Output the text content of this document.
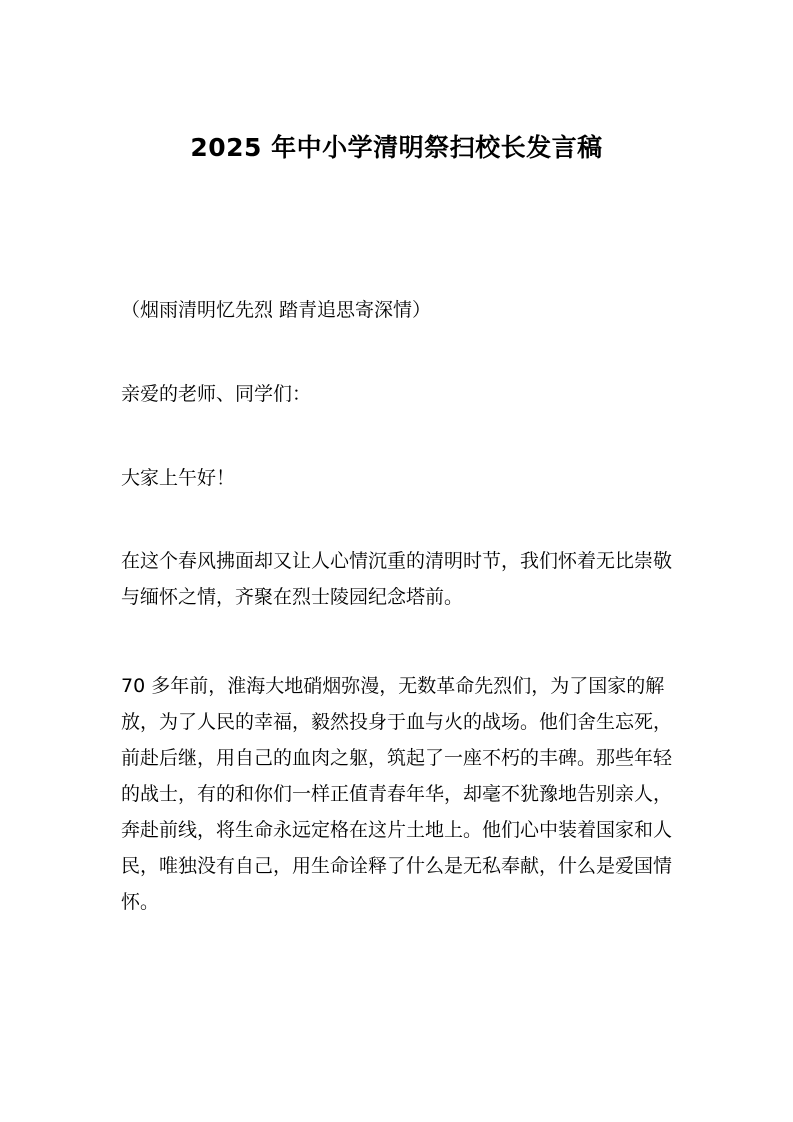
2025 年中小学清明祭扫校长发言稿

（烟雨清明忆先烈 踏青追思寄深情）

亲爱的老师、同学们：

大家上午好！

在这个春风拂面却又让人心情沉重的清明时节，我们怀着无比崇敬与缅怀之情，齐聚在烈士陵园纪念塔前。

70 多年前，淮海大地硝烟弥漫，无数革命先烈们，为了国家的解放，为了人民的幸福，毅然投身于血与火的战场。他们舍生忘死，前赴后继，用自己的血肉之躯，筑起了一座不朽的丰碑。那些年轻的战士，有的和你们一样正值青春年华，却毫不犹豫地告别亲人，奔赴前线，将生命永远定格在这片土地上。他们心中装着国家和人民，唯独没有自己，用生命诠释了什么是无私奉献，什么是爱国情怀。
